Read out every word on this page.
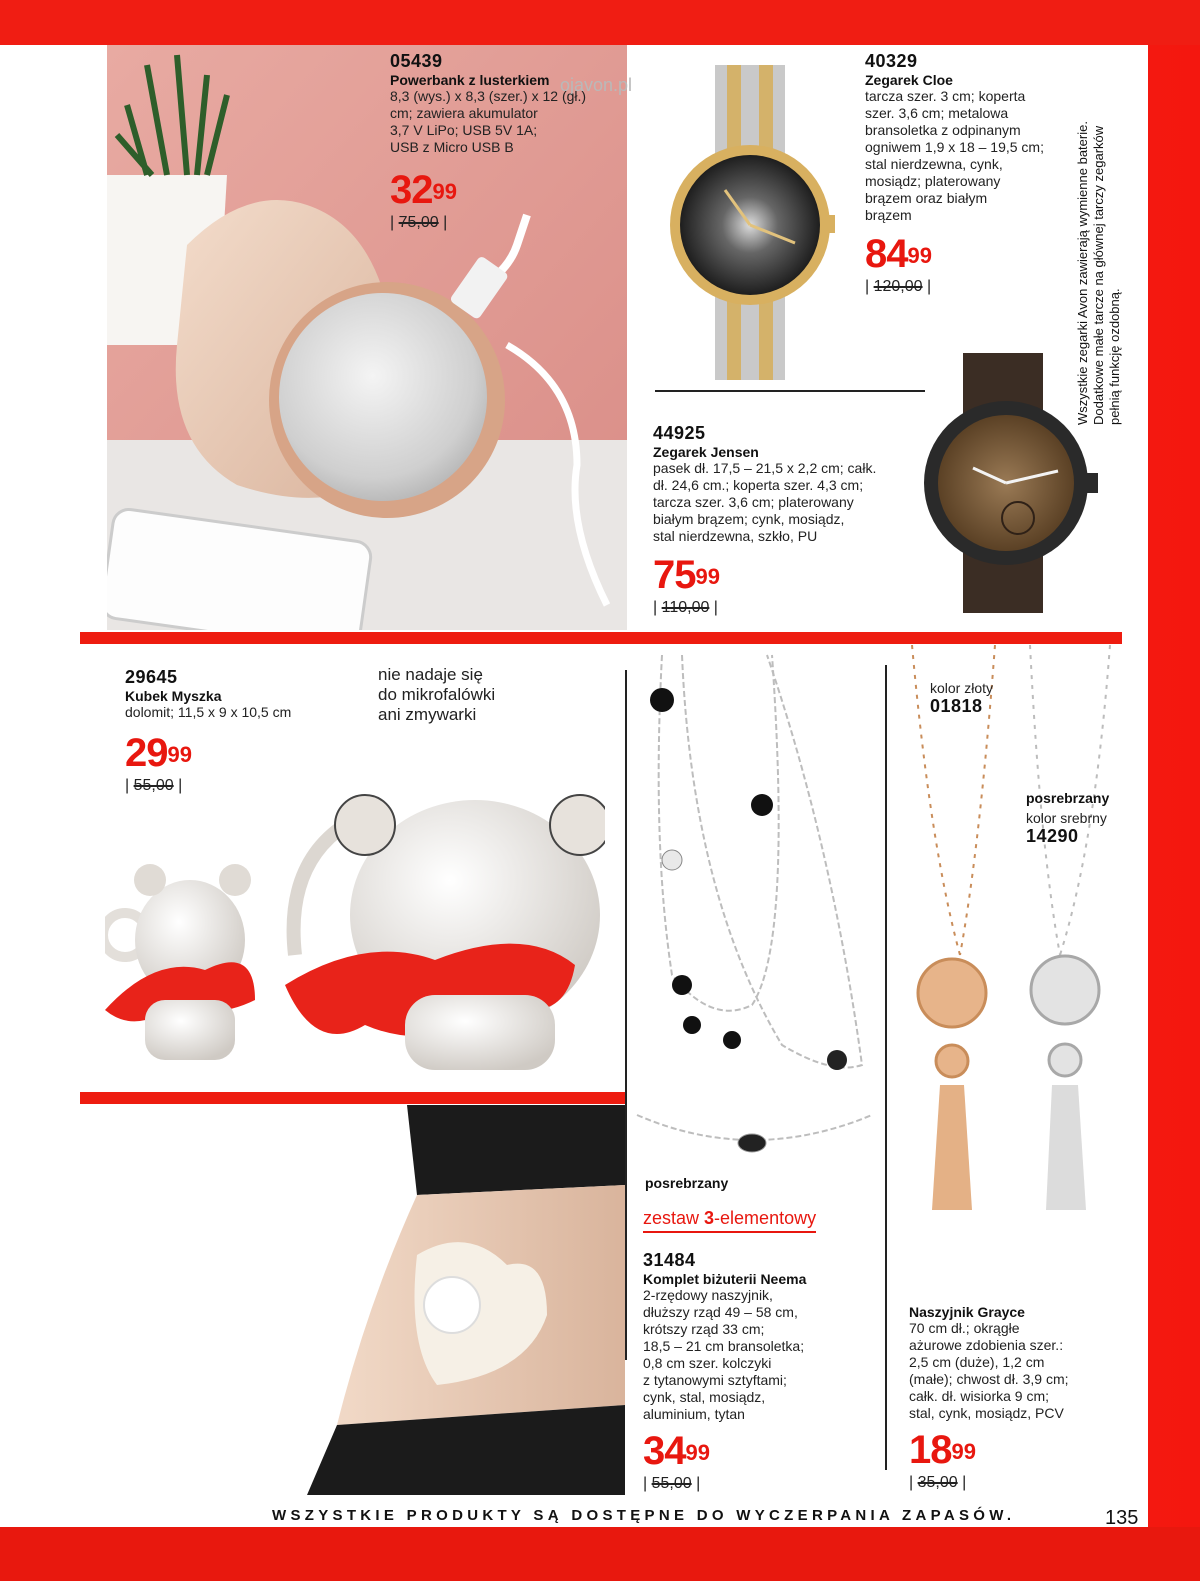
ojavon.pl
05439
Powerbank z lusterkiem
8,3 (wys.) x 8,3 (szer.) x 12 (gł.)
cm; zawiera akumulator
3,7 V LiPo; USB 5V 1A;
USB z Micro USB B
$32^{99}$
| 75,00 |
40329
Zegarek Cloe
tarcza szer. 3 cm; koperta
szer. 3,6 cm; metalowa
bransoletka z odpinanym
ogniwem 1,9 x 18 – 19,5 cm;
stal nierdzewna, cynk,
mosiądz; platerowany
brązem oraz białym
brązem
$84^{99}$
| 120,00 |	Wszystkie zegarki Avon zawierają wymienne baterie. Dodatkowe małe tarcze na głównej tarczy zegarków pełnią funkcję ozdobną.
44925
Zegarek Jensen
pasek dł. 17,5 – 21,5 x 2,2 cm; całk.
dł. 24,6 cm.; koperta szer. 4,3 cm;
tarcza szer. 3,6 cm; platerowany
białym brązem; cynk, mosiądz,
stal nierdzewna, szkło, PU
$75^{99}$
| 110,00 |
29645
Kubek Myszka
dolomit; 11,5 x 9 x 10,5 cm
$29^{99}$
| 55,00 |
nie nadaje się
do mikrofalówki
ani zmywarki
posrebrzany
zestaw 3-elementowy
31484
Komplet biżuterii Neema
2-rzędowy naszyjnik,
dłuższy rząd 49 – 58 cm,
krótszy rząd 33 cm;
18,5 – 21 cm bransoletka;
0,8 cm szer. kolczyki
z tytanowymi sztyftami;
cynk, stal, mosiądz,
aluminium, tytan
$34^{99}$
| 55,00 |
kolor złoty
01818
posrebrzany
kolor srebrny
14290
Naszyjnik Grayce
70 cm dł.; okrągłe
ażurowe zdobienia szer.:
2,5 cm (duże), 1,2 cm
(małe); chwost dł. 3,9 cm;
całk. dł. wisiorka 9 cm;
stal, cynk, mosiądz, PCV
$18^{99}$
| 35,00 |
WSZYSTKIE PRODUKTY SĄ DOSTĘPNE DO WYCZERPANIA ZAPASÓW.	135
